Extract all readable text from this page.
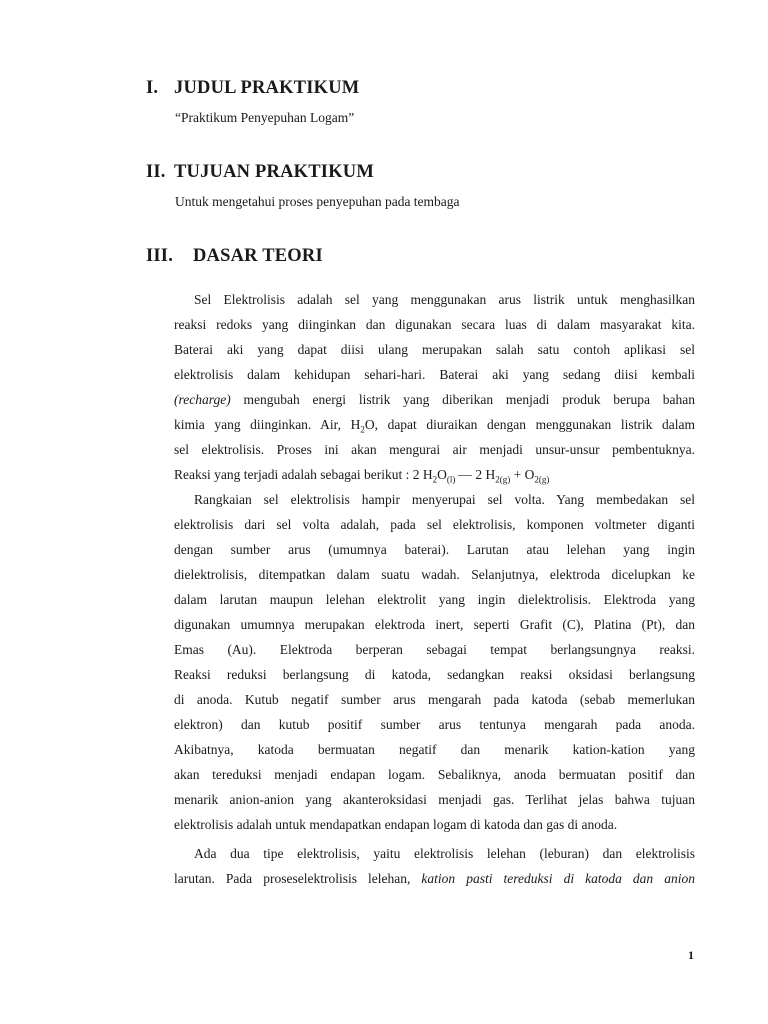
I. JUDUL PRAKTIKUM
“Praktikum Penyepuhan Logam”
II. TUJUAN PRAKTIKUM
Untuk mengetahui proses penyepuhan pada tembaga
III. DASAR TEORI
Sel Elektrolisis adalah sel yang menggunakan arus listrik untuk menghasilkan
reaksi redoks yang diinginkan dan digunakan secara luas di dalam masyarakat kita.
Baterai aki yang dapat diisi ulang merupakan salah satu contoh aplikasi sel
elektrolisis dalam kehidupan sehari-hari. Baterai aki yang sedang diisi kembali
(recharge) mengubah energi listrik yang diberikan menjadi produk berupa bahan
kimia yang diinginkan. Air, $H_2O$, dapat diuraikan dengan menggunakan listrik dalam
sel elektrolisis. Proses ini akan mengurai air menjadi unsur-unsur pembentuknya.
Reaksi yang terjadi adalah sebagai berikut : 2 $H_2O_{(l)}$ 2 $H_{2(g)} + O_{2(g)}$
Rangkaian sel elektrolisis hampir menyerupai sel volta. Yang membedakan sel
elektrolisis dari sel volta adalah, pada sel elektrolisis, komponen voltmeter diganti
dengan sumber arus (umumnya baterai). Larutan atau lelehan yang ingin
dielektrolisis, ditempatkan dalam suatu wadah. Selanjutnya, elektroda dicelupkan ke
dalam larutan maupun lelehan elektrolit yang ingin dielektrolisis. Elektroda yang
digunakan umumnya merupakan elektroda inert, seperti Grafit (C), Platina (Pt), dan
Emas (Au). Elektroda berperan sebagai tempat berlangsungnya reaksi.
Reaksi reduksi berlangsung di katoda, sedangkan reaksi oksidasi berlangsung
di anoda. Kutub negatif sumber arus mengarah pada katoda (sebab memerlukan
elektron) dan kutub positif sumber arus tentunya mengarah pada anoda.
Akibatnya, katoda bermuatan negatif dan menarik kation-kation yang
akan tereduksi menjadi endapan logam. Sebaliknya, anoda bermuatan positif dan
menarik anion-anion yang akanteroksidasi menjadi gas. Terlihat jelas bahwa tujuan
elektrolisis adalah untuk mendapatkan endapan logam di katoda dan gas di anoda.
Ada dua tipe elektrolisis, yaitu elektrolisis lelehan (leburan) dan elektrolisis
larutan. Pada proseselektrolisis lelehan, kation pasti tereduksi di katoda dan anion
1
